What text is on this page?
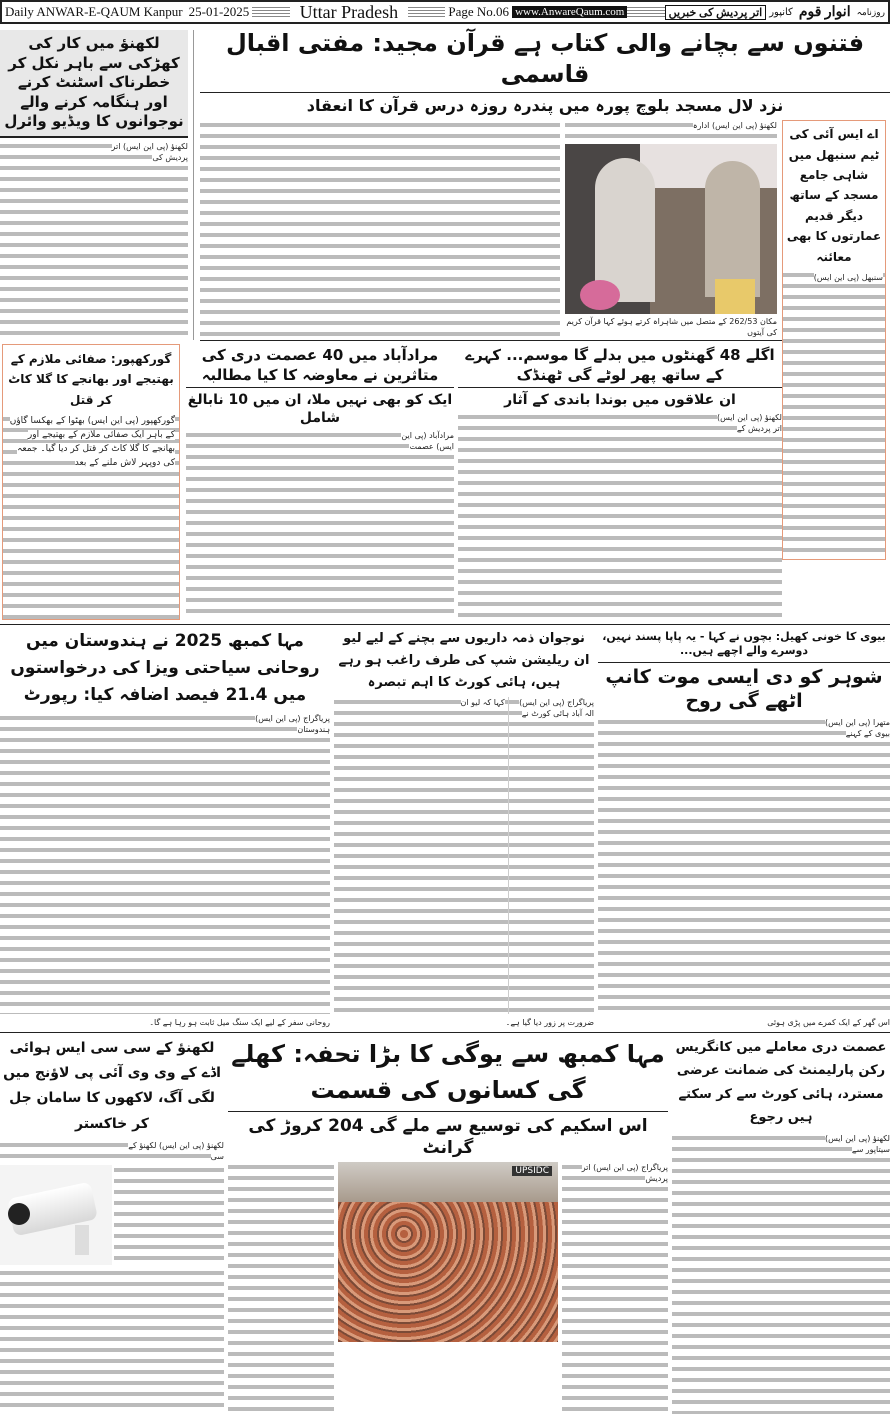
Daily ANWAR-E-QAUM Kanpur 25-01-2025	Uttar Pradesh	Page No.06 www.AnwareQaum.com	اتر پردیش کی خبریں کانپور انوار قوم روزنامہ
لکھنؤ میں کار کی کھڑکی سے باہر نکل کر خطرناک اسٹنٹ کرنے اور ہنگامہ کرنے والے نوجوانوں کا ویڈیو وائرل
لکھنؤ (پی این ایس) اتر پردیش کی
فتنوں سے بچانے والی کتاب ہے قرآن مجید: مفتی اقبال قاسمی
نزد لال مسجد بلوچ پورہ میں پندرہ روزہ درس قرآن کا انعقاد
لکھنؤ (پی این ایس) ادارہ
مکان 262/53 کے متصل میں شاہراہ کرتے ہوئے کہا قرآن کریم کی آیتوں
اے ایس آئی کی ٹیم سنبھل میں شاہی جامع مسجد کے ساتھ دیگر قدیم عمارتوں کا بھی معائنہ
سنبھل (پی این ایس)
گورکھپور: صفائی ملازم کے بھتیجے اور بھانجے کا گلا کاٹ کر قتل
گورکھپور (پی این ایس) بھٹوا کے بھکسا گاؤں کے باہر ایک صفائی ملازم کے بھتیجے اور بھانجے کا گلا کاٹ کر قتل کر دیا گیا۔ جمعہ کی دوپہر لاش ملنے کے بعد
مرادآباد میں 40 عصمت دری کی متاثرین نے معاوضہ کا کیا مطالبہ
ایک کو بھی نہیں ملا، ان میں 10 نابالغ شامل
مرادآباد (پی این ایس) عصمت
اگلے 48 گھنٹوں میں بدلے گا موسم... کہرے کے ساتھ پھر لوٹے گی ٹھنڈک
ان علاقوں میں بوندا باندی کے آثار
لکھنؤ (پی این ایس) اتر پردیش کے
مہا کمبھ 2025 نے ہندوستان میں روحانی سیاحتی ویزا کی درخواستوں میں 21.4 فیصد اضافہ کیا: رپورٹ
پریاگراج (پی این ایس) ہندوستان
روحانی سفر کے لیے ایک سنگ میل ثابت ہو رہا ہے گا۔
نوجوان ذمہ داریوں سے بچنے کے لیے لیو ان ریلیشن شپ کی طرف راغب ہو رہے ہیں، ہائی کورٹ کا اہم تبصرہ
پریاگراج (پی این ایس) الہ آباد ہائی کورٹ نے کہا کہ لیو ان
ضرورت پر زور دیا گیا ہے۔
بیوی کا خونی کھیل: بچوں نے کہا - یہ پاپا پسند نہیں، دوسرے والے اچھے ہیں...
شوہر کو دی ایسی موت کانپ اٹھے گی روح
متھرا (پی این ایس) بیوی کے کہنے
اس گھر کے ایک کمرے میں پڑی ہوئی
لکھنؤ کے سی سی ایس ہوائی اڈے کے وی وی آئی پی لاؤنج میں لگی آگ، لاکھوں کا سامان جل کر خاکستر
لکھنؤ (پی این ایس) لکھنؤ کے سی
مہا کمبھ سے یوگی کا بڑا تحفہ: کھلے گی کسانوں کی قسمت
اس اسکیم کی توسیع سے ملے گی 204 کروڑ کی گرانٹ
UPSIDC	پریاگراج (پی این ایس) اتر پردیش
عصمت دری معاملے میں کانگریس رکن پارلیمنٹ کی ضمانت عرضی مسترد، ہائی کورٹ سے کر سکتے ہیں رجوع
لکھنؤ (پی این ایس) سیتاپور سے
